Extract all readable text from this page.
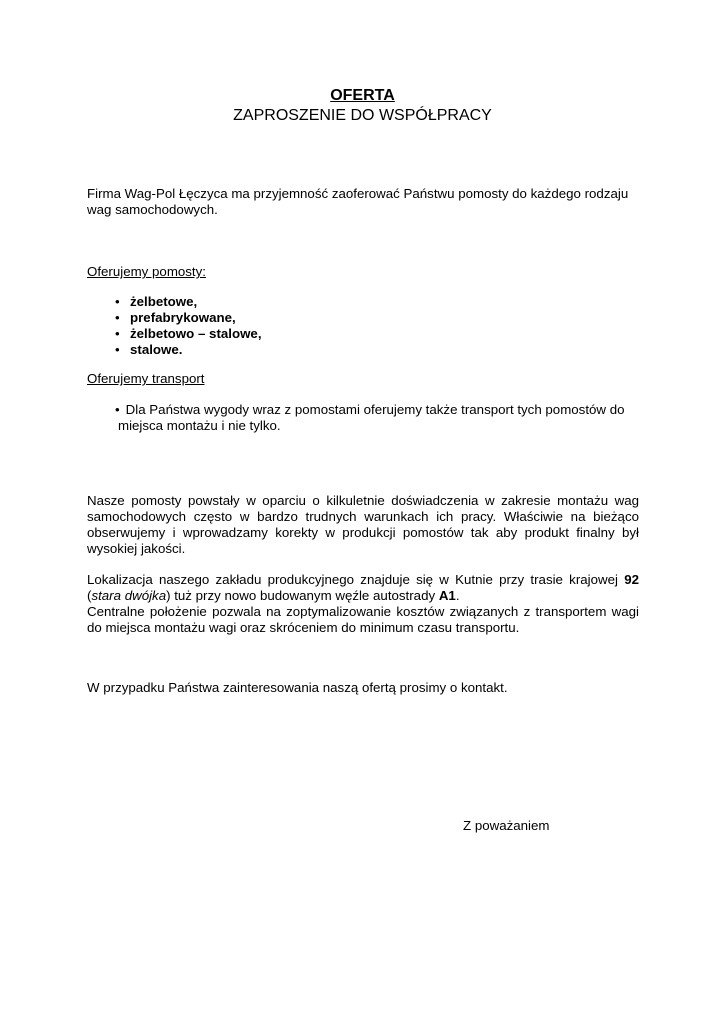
OFERTA
ZAPROSZENIE DO WSPÓŁPRACY
Firma Wag-Pol Łęczyca ma przyjemność zaoferować Państwu pomosty do każdego rodzaju
wag samochodowych.
Oferujemy pomosty:
• żelbetowe,
• prefabrykowane,
• żelbetowo – stalowe,
• stalowe.
Oferujemy transport
• Dla Państwa wygody wraz z pomostami oferujemy także transport tych pomostów do
miejsca montażu i nie tylko.

Nasze pomosty powstały w oparciu o kilkuletnie doświadczenia w zakresie montażu wag samochodowych często w bardzo trudnych warunkach ich pracy. Właściwie na bieżąco obserwujemy i wprowadzamy korekty w produkcji pomostów tak aby produkt finalny był wysokiej jakości.

Lokalizacja naszego zakładu produkcyjnego znajduje się w Kutnie przy trasie krajowej 92 (stara dwójka) tuż przy nowo budowanym węźle autostrady A1.

Centralne położenie pozwala na zoptymalizowanie kosztów związanych z transportem wagi do miejsca montażu wagi oraz skróceniem do minimum czasu transportu.

W przypadku Państwa zainteresowania naszą ofertą prosimy o kontakt.
Z poważaniem
